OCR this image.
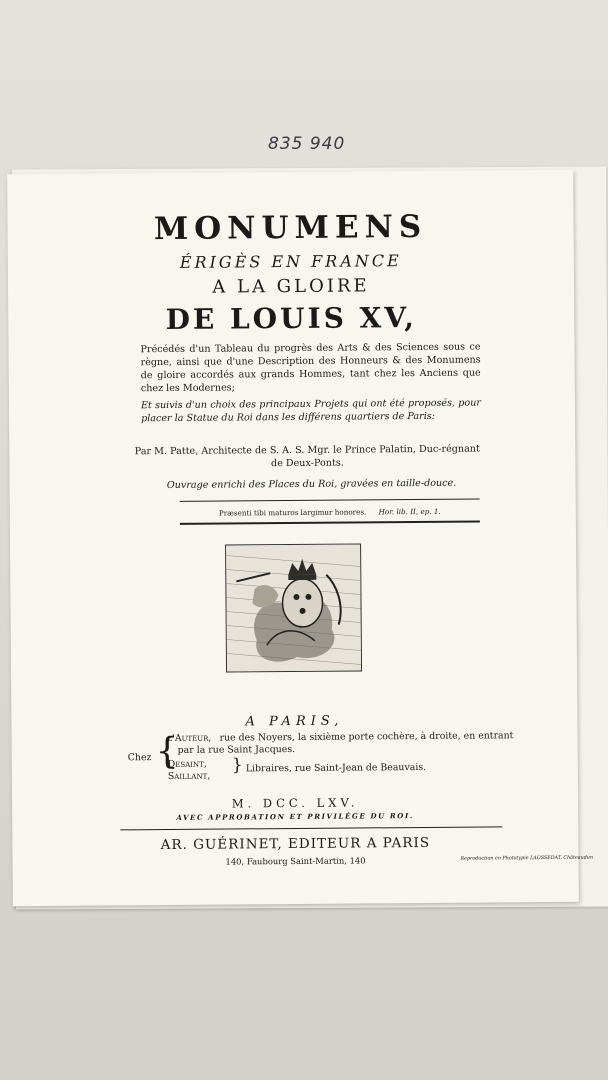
835 940
MONUMENS
ÉRIGÈS EN FRANCE
A LA GLOIRE
DE LOUIS XV,
Précédés d'un Tableau du progrès des Arts & des Sciences sous ce règne, ainsi que d'une Description des Honneurs & des Monumens de gloire accordés aux grands Hommes, tant chez les Anciens que chez les Modernes;
Et suivis d'un choix des principaux Projets qui ont été proposés, pour placer la Statue du Roi dans les différens quartiers de Paris:
Par M. Patte, Architecte de S. A. S. Mgr. le Prince Palatin, Duc-régnant de Deux-Ponts.
Ouvrage enrichi des Places du Roi, gravées en taille-douce.
Præsenti tibi maturos largimur honores. Hor. lib. II, ep. 1.
A PARIS,
Chez {
l'Auteur, rue des Noyers, la sixième porte cochère, à droite, en entrant
par la rue Saint Jacques.
Desaint,
Saillant,
} Libraires, rue Saint-Jean de Beauvais.
M. DCC. LXV.
AVEC APPROBATION ET PRIVILÉGE DU ROI.
AR. GUÉRINET, EDITEUR A PARIS
140, Faubourg Saint-Martin, 140	Reproduction en Phototypie LAUSSEDAT, Châteaudun
